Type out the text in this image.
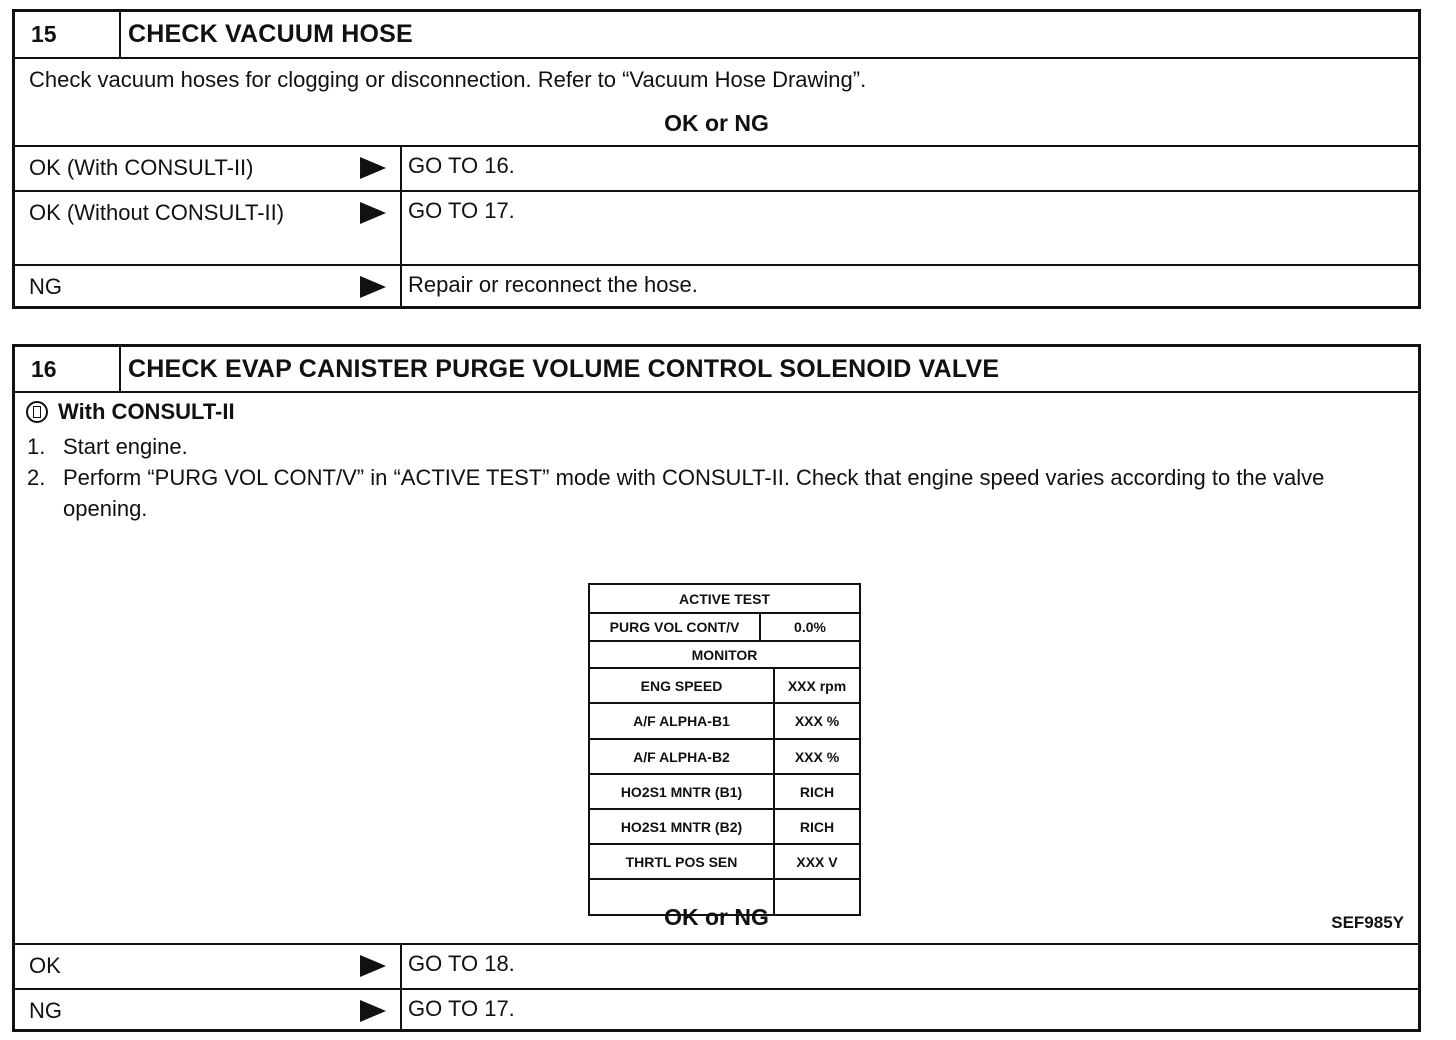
15	CHECK VACUUM HOSE
Check vacuum hoses for clogging or disconnection. Refer to “Vacuum Hose Drawing”.
OK or NG
OK (With CONSULT-II)	GO TO 16.
OK (Without CONSULT-II)	GO TO 17.
NG	Repair or reconnect the hose.
16	CHECK EVAP CANISTER PURGE VOLUME CONTROL SOLENOID VALVE
With CONSULT-II
1. Start engine.
2. Perform “PURG VOL CONT/V” in “ACTIVE TEST” mode with CONSULT-II. Check that engine speed varies according to the valve opening.
ACTIVE TEST
PURG VOL CONT/V	0.0%
MONITOR
ENG SPEED	XXX rpm
A/F ALPHA-B1	XXX %
A/F ALPHA-B2	XXX %
HO2S1 MNTR (B1)	RICH
HO2S1 MNTR (B2)	RICH
THRTL POS SEN	XXX V
SEF985Y
OK or NG
OK	GO TO 18.
NG	GO TO 17.
